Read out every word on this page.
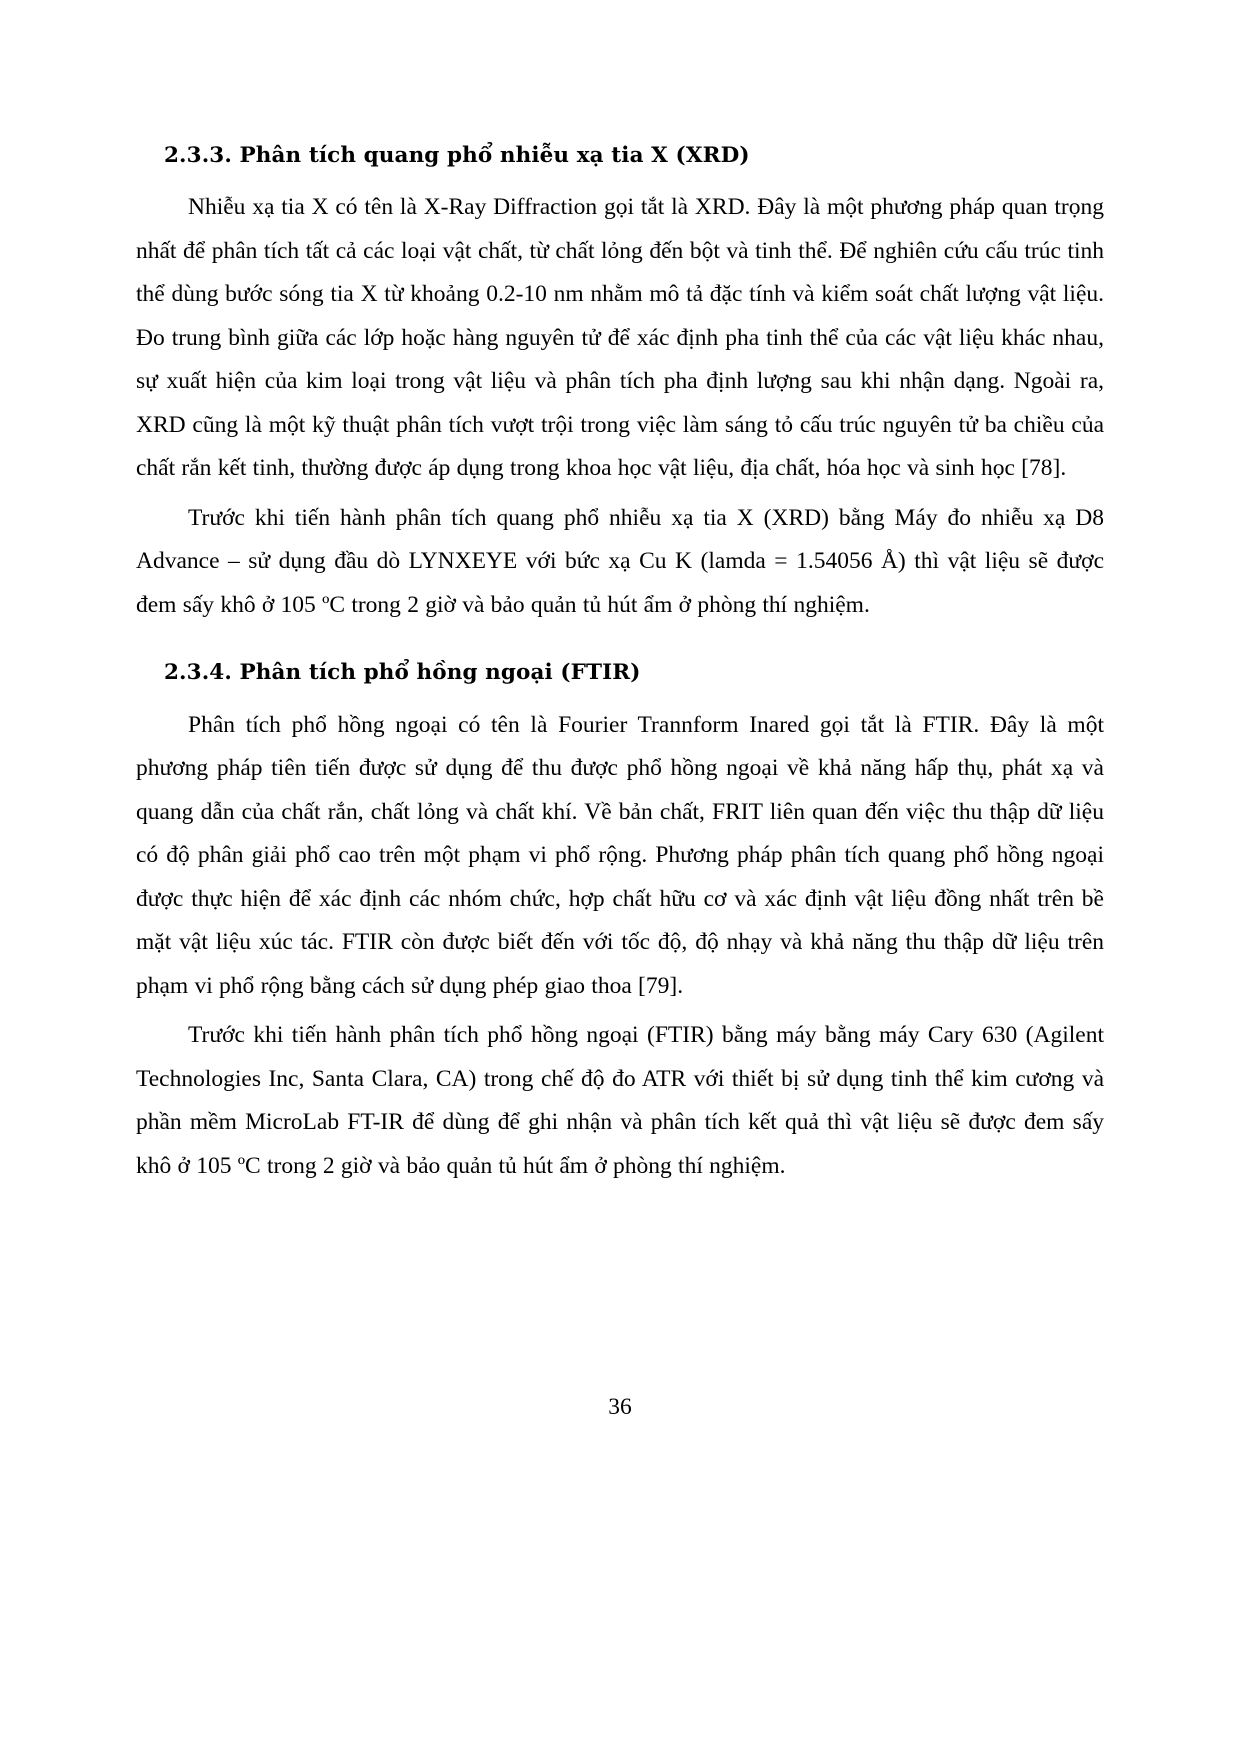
2.3.3. Phân tích quang phổ nhiễu xạ tia X (XRD)

Nhiễu xạ tia X có tên là X-Ray Diffraction gọi tắt là XRD. Đây là một phương pháp quan trọng nhất để phân tích tất cả các loại vật chất, từ chất lỏng đến bột và tinh thể. Để nghiên cứu cấu trúc tinh thể dùng bước sóng tia X từ khoảng 0.2-10 nm nhằm mô tả đặc tính và kiểm soát chất lượng vật liệu. Đo trung bình giữa các lớp hoặc hàng nguyên tử để xác định pha tinh thể của các vật liệu khác nhau, sự xuất hiện của kim loại trong vật liệu và phân tích pha định lượng sau khi nhận dạng. Ngoài ra, XRD cũng là một kỹ thuật phân tích vượt trội trong việc làm sáng tỏ cấu trúc nguyên tử ba chiều của chất rắn kết tinh, thường được áp dụng trong khoa học vật liệu, địa chất, hóa học và sinh học [78].

Trước khi tiến hành phân tích quang phổ nhiễu xạ tia X (XRD) bằng Máy đo nhiễu xạ D8 Advance – sử dụng đầu dò LYNXEYE với bức xạ Cu K (lamda = 1.54056 Å) thì vật liệu sẽ được đem sấy khô ở 105 ºC trong 2 giờ và bảo quản tủ hút ẩm ở phòng thí nghiệm.

2.3.4. Phân tích phổ hồng ngoại (FTIR)

Phân tích phổ hồng ngoại có tên là Fourier Trannform Inared gọi tắt là FTIR. Đây là một phương pháp tiên tiến được sử dụng để thu được phổ hồng ngoại về khả năng hấp thụ, phát xạ và quang dẫn của chất rắn, chất lỏng và chất khí. Về bản chất, FRIT liên quan đến việc thu thập dữ liệu có độ phân giải phổ cao trên một phạm vi phổ rộng. Phương pháp phân tích quang phổ hồng ngoại được thực hiện để xác định các nhóm chức, hợp chất hữu cơ và xác định vật liệu đồng nhất trên bề mặt vật liệu xúc tác. FTIR còn được biết đến với tốc độ, độ nhạy và khả năng thu thập dữ liệu trên phạm vi phổ rộng bằng cách sử dụng phép giao thoa [79].

Trước khi tiến hành phân tích phổ hồng ngoại (FTIR) bằng máy bằng máy Cary 630 (Agilent Technologies Inc, Santa Clara, CA) trong chế độ đo ATR với thiết bị sử dụng tinh thể kim cương và phần mềm MicroLab FT-IR để dùng để ghi nhận và phân tích kết quả thì vật liệu sẽ được đem sấy khô ở 105 ºC trong 2 giờ và bảo quản tủ hút ẩm ở phòng thí nghiệm.

36
